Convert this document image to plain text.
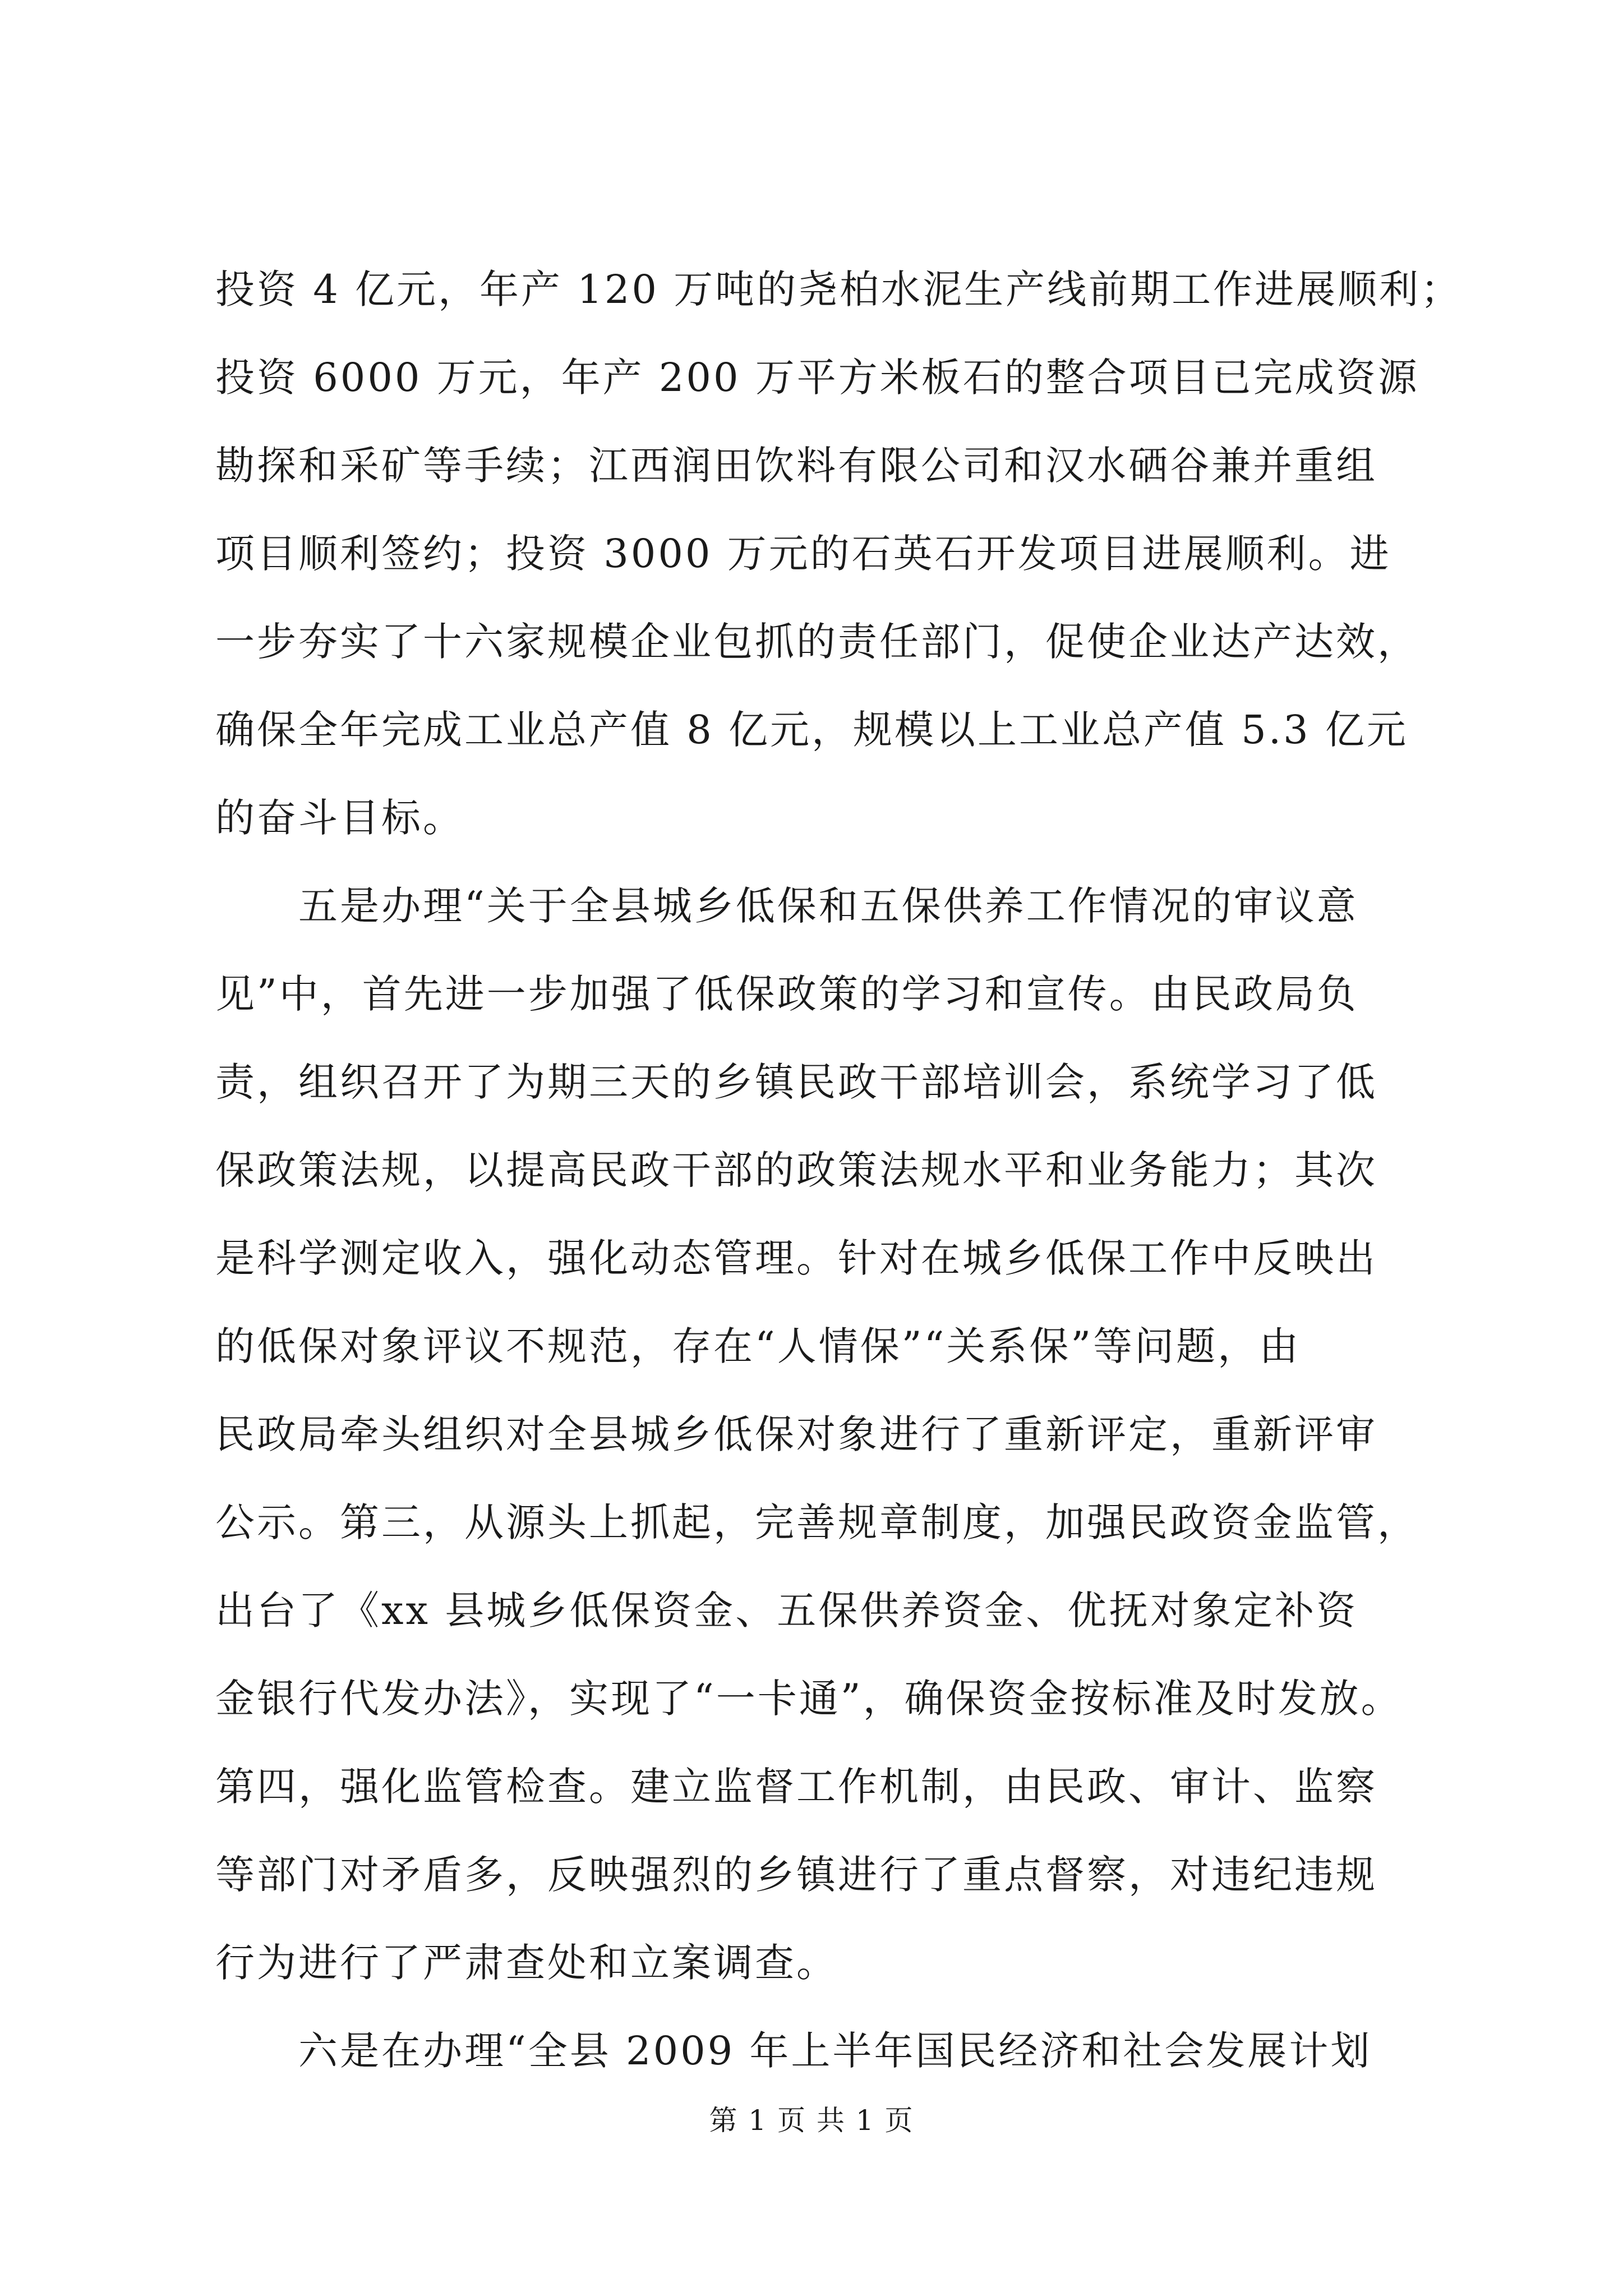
投资 4 亿元，年产 120 万吨的尧柏水泥生产线前期工作进展顺利；
投资 6000 万元，年产 200 万平方米板石的整合项目已完成资源
勘探和采矿等手续；江西润田饮料有限公司和汉水硒谷兼并重组
项目顺利签约；投资 3000 万元的石英石开发项目进展顺利。进
一步夯实了十六家规模企业包抓的责任部门，促使企业达产达效，
确保全年完成工业总产值 8 亿元，规模以上工业总产值 5.3 亿元
的奋斗目标。
　　五是办理“关于全县城乡低保和五保供养工作情况的审议意
见”中，首先进一步加强了低保政策的学习和宣传。由民政局负
责，组织召开了为期三天的乡镇民政干部培训会，系统学习了低
保政策法规，以提高民政干部的政策法规水平和业务能力；其次
是科学测定收入，强化动态管理。针对在城乡低保工作中反映出
的低保对象评议不规范，存在“人情保”“关系保”等问题，由
民政局牵头组织对全县城乡低保对象进行了重新评定，重新评审
公示。第三，从源头上抓起，完善规章制度，加强民政资金监管，
出台了《xx 县城乡低保资金、五保供养资金、优抚对象定补资
金银行代发办法》，实现了“一卡通”，确保资金按标准及时发放。
第四，强化监管检查。建立监督工作机制，由民政、审计、监察
等部门对矛盾多，反映强烈的乡镇进行了重点督察，对违纪违规
行为进行了严肃查处和立案调查。
　　六是在办理“全县 2009 年上半年国民经济和社会发展计划
第 1 页 共 1 页
